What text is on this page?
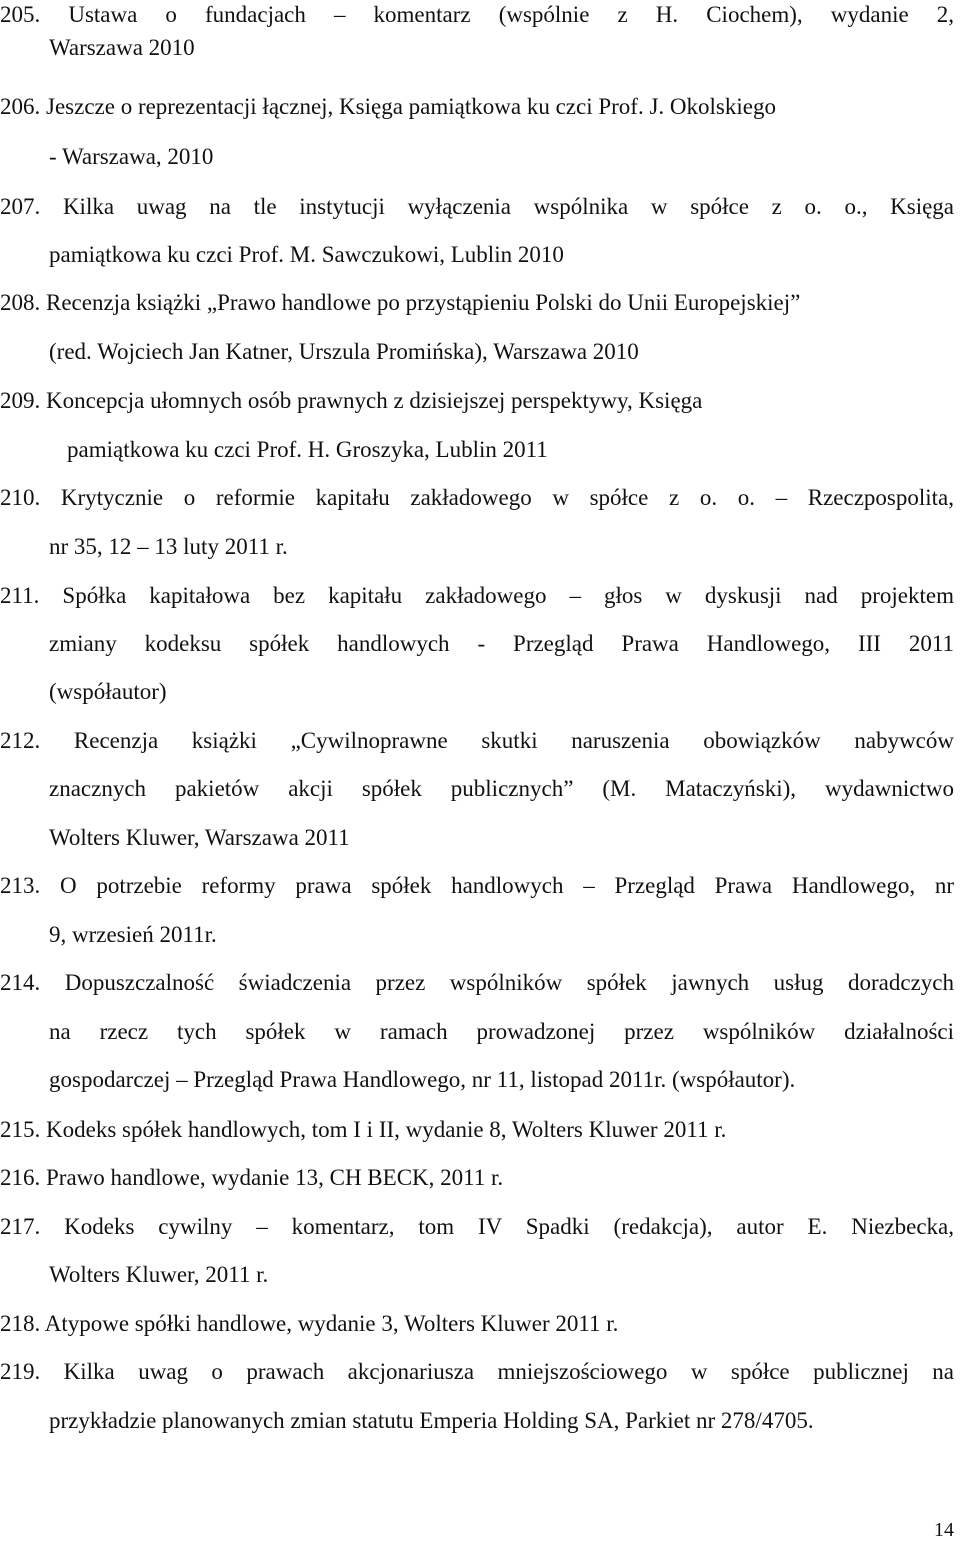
205. Ustawa o fundacjach – komentarz (wspólnie z H. Ciochem), wydanie 2,
Warszawa 2010
206. Jeszcze o reprezentacji łącznej, Księga pamiątkowa ku czci Prof. J. Okolskiego
- Warszawa, 2010
207. Kilka uwag na tle instytucji wyłączenia wspólnika w spółce z o. o., Księga
pamiątkowa ku czci Prof. M. Sawczukowi, Lublin 2010
208. Recenzja książki „Prawo handlowe po przystąpieniu Polski do Unii Europejskiej”
(red. Wojciech Jan Katner, Urszula Promińska), Warszawa 2010
209. Koncepcja ułomnych osób prawnych z dzisiejszej perspektywy, Księga
pamiątkowa ku czci Prof. H. Groszyka, Lublin 2011
210. Krytycznie o reformie kapitału zakładowego w spółce z o. o. – Rzeczpospolita,
nr 35, 12 – 13 luty 2011 r.
211. Spółka kapitałowa bez kapitału zakładowego – głos w dyskusji nad projektem
zmiany kodeksu spółek handlowych - Przegląd Prawa Handlowego, III 2011
(współautor)
212. Recenzja książki „Cywilnoprawne skutki naruszenia obowiązków nabywców
znacznych pakietów akcji spółek publicznych” (M. Mataczyński), wydawnictwo
Wolters Kluwer, Warszawa 2011
213. O potrzebie reformy prawa spółek handlowych – Przegląd Prawa Handlowego, nr
9, wrzesień 2011r.
214. Dopuszczalność świadczenia przez wspólników spółek jawnych usług doradczych
na rzecz tych spółek w ramach prowadzonej przez wspólników działalności
gospodarczej – Przegląd Prawa Handlowego, nr 11, listopad 2011r. (współautor).
215. Kodeks spółek handlowych, tom I i II, wydanie 8, Wolters Kluwer 2011 r.
216. Prawo handlowe, wydanie 13, CH BECK, 2011 r.
217. Kodeks cywilny – komentarz, tom IV Spadki (redakcja), autor E. Niezbecka,
Wolters Kluwer, 2011 r.
218. Atypowe spółki handlowe, wydanie 3, Wolters Kluwer 2011 r.
219. Kilka uwag o prawach akcjonariusza mniejszościowego w spółce publicznej na
przykładzie planowanych zmian statutu Emperia Holding SA, Parkiet nr 278/4705.
14
